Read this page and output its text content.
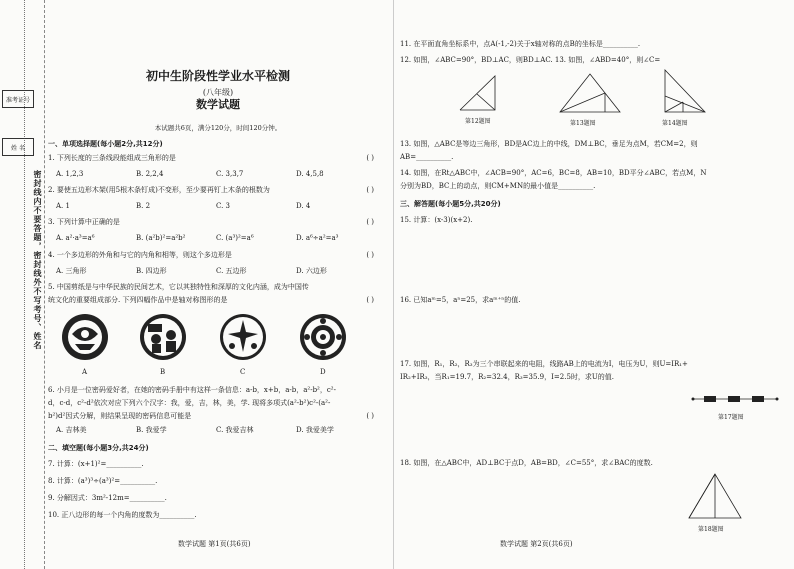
准考证号
姓 名
密封线内不要答题，密封线外不写考号、姓名
初中生阶段性学业水平检测
(八年级)
数学试题
本试题共6页，满分120分，时间120分钟。
一、单项选择题(每小题2分,共12分)
1. 下列长度的三条线段能组成三角形的是	( )
A. 1,2,3	B. 2,2,4	C. 3,3,7	D. 4,5,8
2. 要使五边形木架(用5根木条钉成)不变形，至少要再钉上木条的根数为	( )
A. 1	B. 2	C. 3	D. 4
3. 下列计算中正确的是	( )
A. a²·a³=a⁶	B. (a²b)²=a²b²	C. (a³)²=a⁶	D. a⁶÷a²=a³
4. 一个多边形的外角和与它的内角和相等，则这个多边形是	( )
A. 三角形	B. 四边形	C. 五边形	D. 六边形
5. 中国剪纸是与中华民族的民间艺术，它以其独特性和深厚的文化内涵，成为中国传
统文化的重要组成部分. 下列四幅作品中是轴对称图形的是	( )
A	B	C	D
6. 小月是一位密码爱好者，在她的密码手册中有这样一条信息：a-b，x+b，a-b，a²-b²，c²-
d，c-d，c²-d²依次对应下列六个汉字：我，爱，吉，林，美，学. 现将多项式(a²-b²)c²-(a²-
b²)d²因式分解，则结果呈现的密码信息可能是	( )
A. 吉林美	B. 我爱学	C. 我爱吉林	D. 我爱美学
二、填空题(每小题3分,共24分)
7. 计算：(x+1)²=__________.
8. 计算：(a³)³÷(a³)²=__________.
9. 分解因式：3m²-12m=__________.
10. 正八边形的每一个内角的度数为__________.
数学试题 第1页(共6页)
11. 在平面直角坐标系中，点A(-1,-2)关于x轴对称的点B的坐标是__________.
12. 如图，∠ABC=90°，BD⊥AC，则BD⊥AC. 13. 如图，∠ABD=40°，则∠C=
第12题图	第13题图	第14题图
13. 如图，△ABC是等边三角形，BD是AC边上的中线，DM⊥BC，垂足为点M，若CM=2，则
AB=__________.
14. 如图，在Rt△ABC中，∠ACB=90°，AC=6，BC=8，AB=10，BD平分∠ABC，若点M，N
分别为BD，BC上的动点，则CM+MN的最小值是__________.
三、解答题(每小题5分,共20分)
15. 计算：(x-3)(x+2).
16. 已知aᵐ=5，aⁿ=25，求aᵐ⁺ⁿ的值.
17. 如图，R₁，R₂，R₃为三个串联起来的电阻，线路AB上的电流为I，电压为U，则U=IR₁+
IR₂+IR₃，当R₁=19.7，R₂=32.4，R₃=35.9，I=2.5时，求U的值.
第17题图
18. 如图，在△ABC中，AD⊥BC于点D，AB=BD，∠C=55°，求∠BAC的度数.
第18题图
数学试题 第2页(共6页)
